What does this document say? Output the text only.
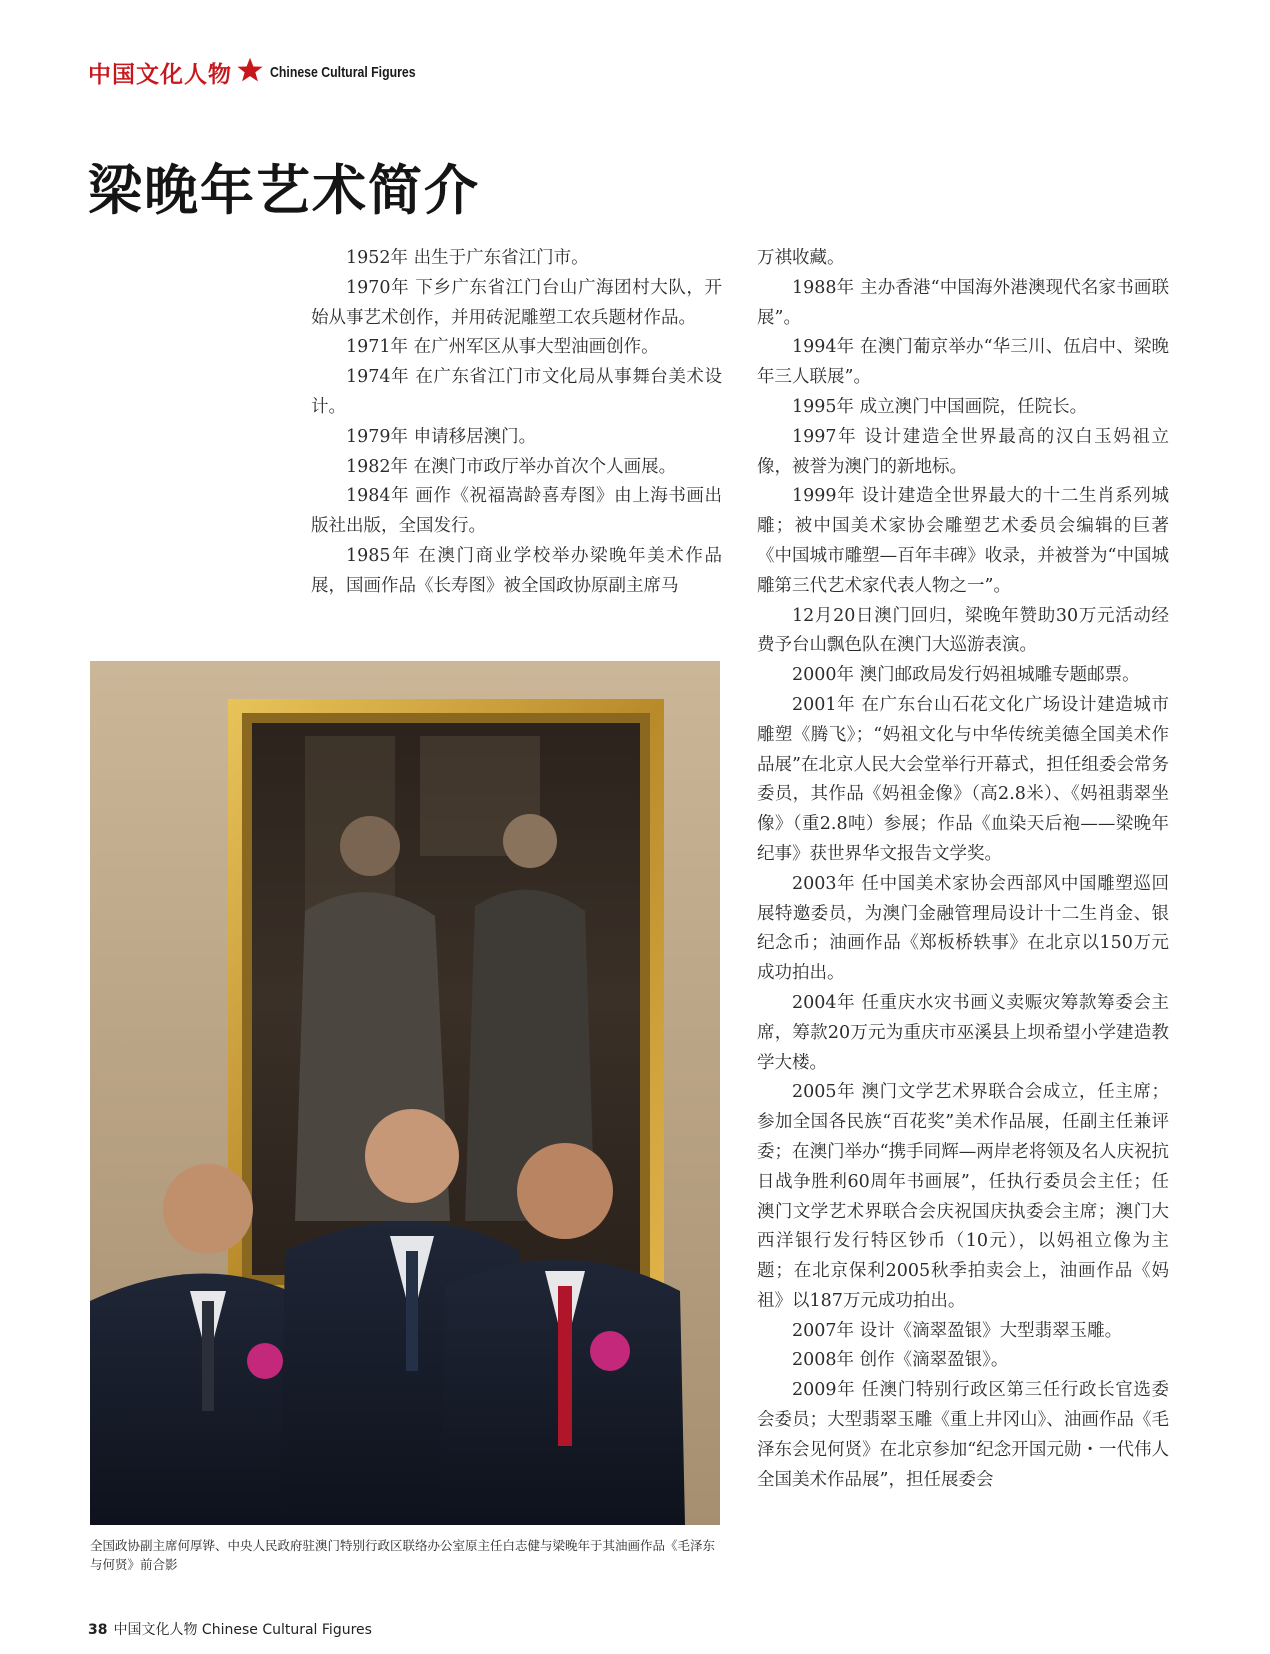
中国文化人物	Chinese Cultural Figures
梁晚年艺术简介

1952年 出生于广东省江门市。

1970年 下乡广东省江门台山广海团村大队，开始从事艺术创作，并用砖泥雕塑工农兵题材作品。

1971年 在广州军区从事大型油画创作。

1974年 在广东省江门市文化局从事舞台美术设计。

1979年 申请移居澳门。

1982年 在澳门市政厅举办首次个人画展。

1984年 画作《祝福嵩龄喜寿图》由上海书画出版社出版，全国发行。

1985年 在澳门商业学校举办梁晚年美术作品展，国画作品《长寿图》被全国政协原副主席马

万祺收藏。

1988年 主办香港“中国海外港澳现代名家书画联展”。

1994年 在澳门葡京举办“华三川、伍启中、梁晚年三人联展”。

1995年 成立澳门中国画院，任院长。

1997年 设计建造全世界最高的汉白玉妈祖立像，被誉为澳门的新地标。

1999年 设计建造全世界最大的十二生肖系列城雕；被中国美术家协会雕塑艺术委员会编辑的巨著《中国城市雕塑—百年丰碑》收录，并被誉为“中国城雕第三代艺术家代表人物之一”。

12月20日澳门回归，梁晚年赞助30万元活动经费予台山飘色队在澳门大巡游表演。

2000年 澳门邮政局发行妈祖城雕专题邮票。

2001年 在广东台山石花文化广场设计建造城市雕塑《腾飞》；“妈祖文化与中华传统美德全国美术作品展”在北京人民大会堂举行开幕式，担任组委会常务委员，其作品《妈祖金像》（高2.8米）、《妈祖翡翠坐像》（重2.8吨）参展；作品《血染天后袍——梁晚年纪事》获世界华文报告文学奖。

2003年 任中国美术家协会西部风中国雕塑巡回展特邀委员，为澳门金融管理局设计十二生肖金、银纪念币；油画作品《郑板桥轶事》在北京以150万元成功拍出。

2004年 任重庆水灾书画义卖赈灾筹款筹委会主席，筹款20万元为重庆市巫溪县上坝希望小学建造教学大楼。

2005年 澳门文学艺术界联合会成立，任主席；参加全国各民族“百花奖”美术作品展，任副主任兼评委；在澳门举办“携手同辉—两岸老将领及名人庆祝抗日战争胜利60周年书画展”，任执行委员会主任；任澳门文学艺术界联合会庆祝国庆执委会主席；澳门大西洋银行发行特区钞币（10元），以妈祖立像为主题；在北京保利2005秋季拍卖会上，油画作品《妈祖》以187万元成功拍出。

2007年 设计《滴翠盈银》大型翡翠玉雕。

2008年 创作《滴翠盈银》。

2009年 任澳门特别行政区第三任行政长官选委会委员；大型翡翠玉雕《重上井冈山》、油画作品《毛泽东会见何贤》在北京参加“纪念开国元勋・一代伟人全国美术作品展”，担任展委会

全国政协副主席何厚铧、中央人民政府驻澳门特别行政区联络办公室原主任白志健与梁晚年于其油画作品《毛泽东与何贤》前合影
38 中国文化人物 Chinese Cultural Figures
